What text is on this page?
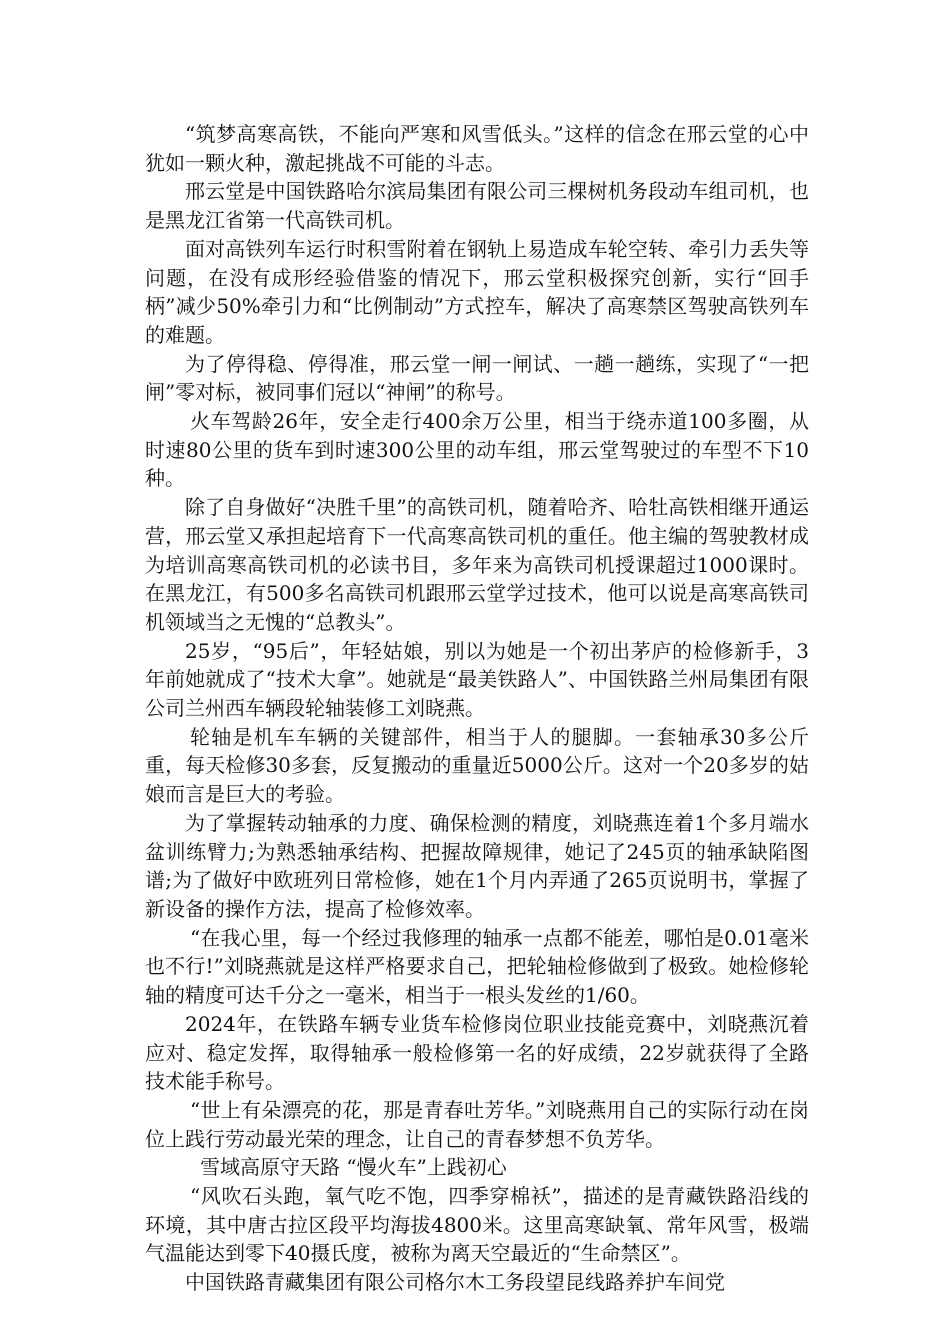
“筑梦高寒高铁，不能向严寒和风雪低头。”这样的信念在邢云堂的心中犹如一颗火种，激起挑战不可能的斗志。

邢云堂是中国铁路哈尔滨局集团有限公司三棵树机务段动车组司机，也是黑龙江省第一代高铁司机。

面对高铁列车运行时积雪附着在钢轨上易造成车轮空转、牵引力丢失等问题，在没有成形经验借鉴的情况下，邢云堂积极探究创新，实行“回手柄”减少50%牵引力和“比例制动”方式控车，解决了高寒禁区驾驶高铁列车的难题。

为了停得稳、停得准，邢云堂一闸一闸试、一趟一趟练，实现了“一把闸”零对标，被同事们冠以“神闸”的称号。

火车驾龄26年，安全走行400余万公里，相当于绕赤道100多圈，从时速80公里的货车到时速300公里的动车组，邢云堂驾驶过的车型不下10种。

除了自身做好“决胜千里”的高铁司机，随着哈齐、哈牡高铁相继开通运营，邢云堂又承担起培育下一代高寒高铁司机的重任。他主编的驾驶教材成为培训高寒高铁司机的必读书目，多年来为高铁司机授课超过1000课时。在黑龙江，有500多名高铁司机跟邢云堂学过技术，他可以说是高寒高铁司机领域当之无愧的“总教头”。

25岁，“95后”，年轻姑娘，别以为她是一个初出茅庐的检修新手，3年前她就成了“技术大拿”。她就是“最美铁路人”、中国铁路兰州局集团有限公司兰州西车辆段轮轴装修工刘晓燕。

轮轴是机车车辆的关键部件，相当于人的腿脚。一套轴承30多公斤重，每天检修30多套，反复搬动的重量近5000公斤。这对一个20多岁的姑娘而言是巨大的考验。

为了掌握转动轴承的力度、确保检测的精度，刘晓燕连着1个多月端水盆训练臂力;为熟悉轴承结构、把握故障规律，她记了245页的轴承缺陷图谱;为了做好中欧班列日常检修，她在1个月内弄通了265页说明书，掌握了新设备的操作方法，提高了检修效率。

“在我心里，每一个经过我修理的轴承一点都不能差，哪怕是0.01毫米也不行!”刘晓燕就是这样严格要求自己，把轮轴检修做到了极致。她检修轮轴的精度可达千分之一毫米，相当于一根头发丝的1/60。

2024年，在铁路车辆专业货车检修岗位职业技能竞赛中，刘晓燕沉着应对、稳定发挥，取得轴承一般检修第一名的好成绩，22岁就获得了全路技术能手称号。

“世上有朵漂亮的花，那是青春吐芳华。”刘晓燕用自己的实际行动在岗位上践行劳动最光荣的理念，让自己的青春梦想不负芳华。

雪域高原守天路 “慢火车”上践初心

“风吹石头跑，氧气吃不饱，四季穿棉袄”，描述的是青藏铁路沿线的环境，其中唐古拉区段平均海拔4800米。这里高寒缺氧、常年风雪，极端气温能达到零下40摄氏度，被称为离天空最近的“生命禁区”。

中国铁路青藏集团有限公司格尔木工务段望昆线路养护车间党
